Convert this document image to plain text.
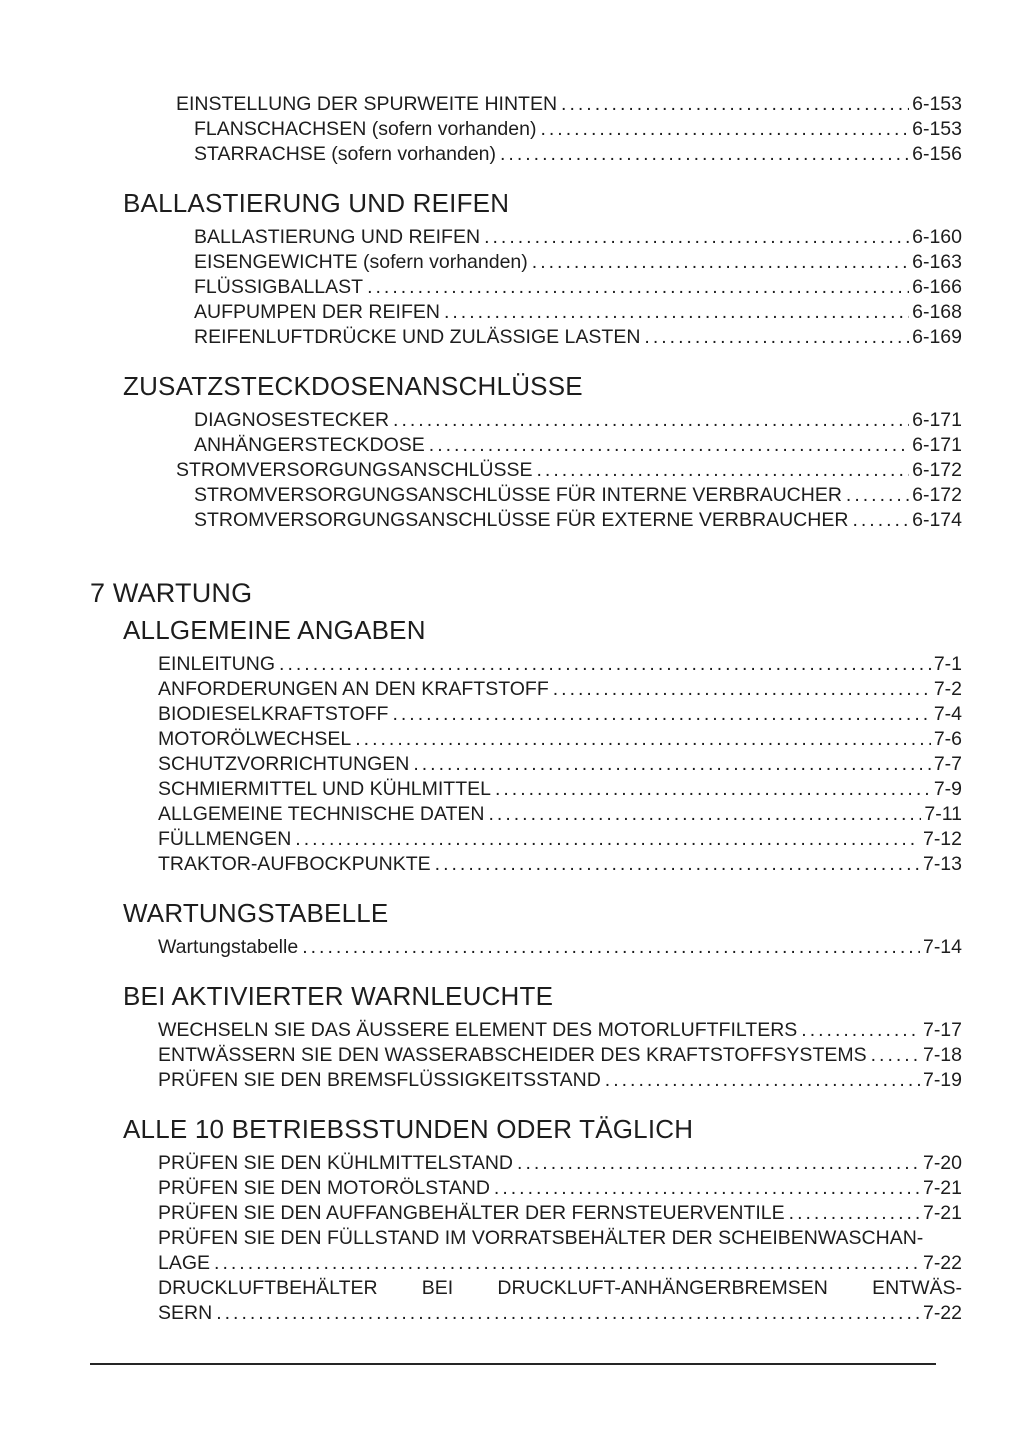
EINSTELLUNG DER SPURWEITE HINTEN .....	6-153
FLANSCHACHSEN (sofern vorhanden) .....	6-153
STARRACHSE (sofern vorhanden) .....	6-156
BALLASTIERUNG UND REIFEN
BALLASTIERUNG UND REIFEN .....	6-160
EISENGEWICHTE (sofern vorhanden) .....	6-163
FLÜSSIGBALLAST .....	6-166
AUFPUMPEN DER REIFEN .....	6-168
REIFENLUFTDRÜCKE UND ZULÄSSIGE LASTEN .....	6-169
ZUSATZSTECKDOSENANSCHLÜSSE
DIAGNOSESTECKER .....	6-171
ANHÄNGERSTECKDOSE .....	6-171
STROMVERSORGUNGSANSCHLÜSSE .....	6-172
STROMVERSORGUNGSANSCHLÜSSE FÜR INTERNE VERBRAUCHER .....	6-172
STROMVERSORGUNGSANSCHLÜSSE FÜR EXTERNE VERBRAUCHER .....	6-174
7 WARTUNG
ALLGEMEINE ANGABEN
EINLEITUNG .....	7-1
ANFORDERUNGEN AN DEN KRAFTSTOFF .....	7-2
BIODIESELKRAFTSTOFF .....	7-4
MOTORÖLWECHSEL .....	7-6
SCHUTZVORRICHTUNGEN .....	7-7
SCHMIERMITTEL UND KÜHLMITTEL .....	7-9
ALLGEMEINE TECHNISCHE DATEN .....	7-11
FÜLLMENGEN .....	7-12
TRAKTOR-AUFBOCKPUNKTE .....	7-13
WARTUNGSTABELLE
Wartungstabelle .....	7-14
BEI AKTIVIERTER WARNLEUCHTE
WECHSELN SIE DAS ÄUSSERE ELEMENT DES MOTORLUFTFILTERS .....	7-17
ENTWÄSSERN SIE DEN WASSERABSCHEIDER DES KRAFTSTOFFSYSTEMS .....	7-18
PRÜFEN SIE DEN BREMSFLÜSSIGKEITSSTAND .....	7-19
ALLE 10 BETRIEBSSTUNDEN ODER TÄGLICH
PRÜFEN SIE DEN KÜHLMITTELSTAND .....	7-20
PRÜFEN SIE DEN MOTORÖLSTAND .....	7-21
PRÜFEN SIE DEN AUFFANGBEHÄLTER DER FERNSTEUERVENTILE .....	7-21
PRÜFEN SIE DEN FÜLLSTAND IM VORRATSBEHÄLTER DER SCHEIBENWASCHAN-
LAGE .....	7-22
DRUCKLUFTBEHÄLTER BEI DRUCKLUFT-ANHÄNGERBREMSEN ENTWÄS-
SERN .....	7-22
